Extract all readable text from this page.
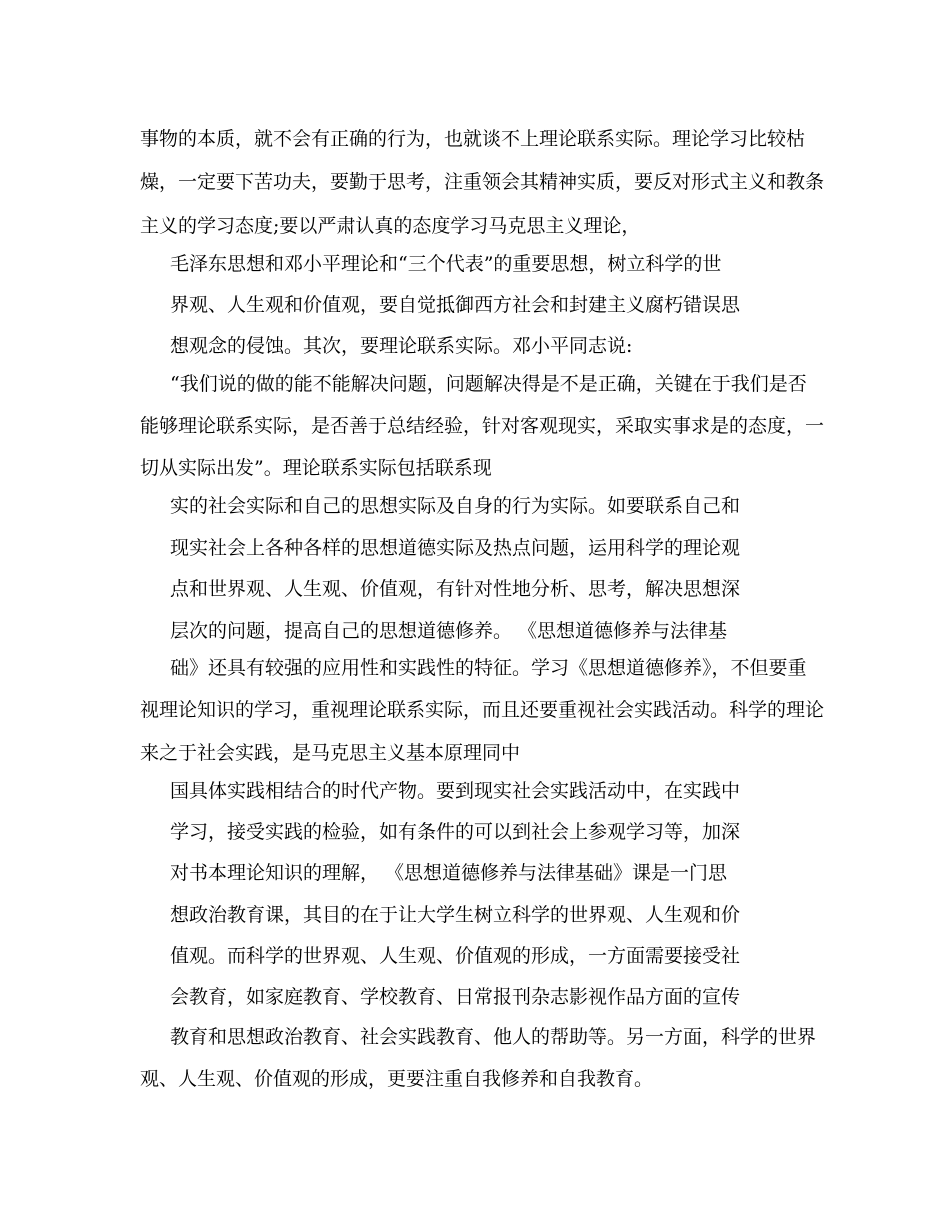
事物的本质，就不会有正确的行为，也就谈不上理论联系实际。理论学习比较枯
燥，一定要下苦功夫，要勤于思考，注重领会其精神实质，要反对形式主义和教条
主义的学习态度;要以严肃认真的态度学习马克思主义理论，
毛泽东思想和邓小平理论和“三个代表”的重要思想，树立科学的世
界观、人生观和价值观，要自觉抵御西方社会和封建主义腐朽错误思
想观念的侵蚀。其次，要理论联系实际。邓小平同志说:
“我们说的做的能不能解决问题，问题解决得是不是正确，关键在于我们是否
能够理论联系实际，是否善于总结经验，针对客观现实，采取实事求是的态度，一
切从实际出发”。理论联系实际包括联系现
实的社会实际和自己的思想实际及自身的行为实际。如要联系自己和
现实社会上各种各样的思想道德实际及热点问题，运用科学的理论观
点和世界观、人生观、价值观，有针对性地分析、思考，解决思想深
层次的问题，提高自己的思想道德修养。 《思想道德修养与法律基
础》还具有较强的应用性和实践性的特征。学习《思想道德修养》，不但要重
视理论知识的学习，重视理论联系实际，而且还要重视社会实践活动。科学的理论
来之于社会实践，是马克思主义基本原理同中
国具体实践相结合的时代产物。要到现实社会实践活动中，在实践中
学习，接受实践的检验，如有条件的可以到社会上参观学习等，加深
对书本理论知识的理解， 《思想道德修养与法律基础》课是一门思
想政治教育课，其目的在于让大学生树立科学的世界观、人生观和价
值观。而科学的世界观、人生观、价值观的形成，一方面需要接受社
会教育，如家庭教育、学校教育、日常报刊杂志影视作品方面的宣传
教育和思想政治教育、社会实践教育、他人的帮助等。另一方面，科学的世界
观、人生观、价值观的形成，更要注重自我修养和自我教育。
